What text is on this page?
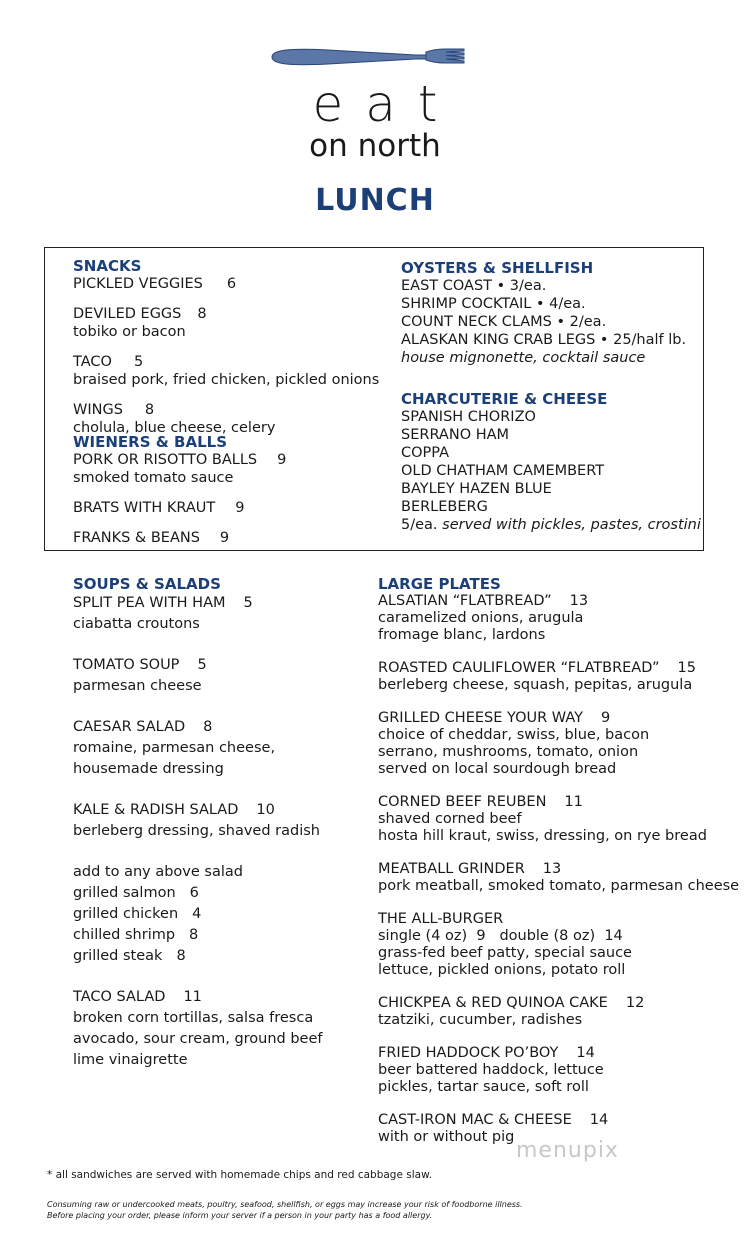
eat
on north
LUNCH
SNACKS
PICKLED VEGGIES 6
DEVILED EGGS 8
tobiko or bacon
TACO 5
braised pork, fried chicken, pickled onions
WINGS 8
cholula, blue cheese, celery
WIENERS & BALLS
PORK OR RISOTTO BALLS 9
smoked tomato sauce
BRATS WITH KRAUT 9
FRANKS & BEANS 9
OYSTERS & SHELLFISH
EAST COAST • 3/ea.
SHRIMP COCKTAIL • 4/ea.
COUNT NECK CLAMS • 2/ea.
ALASKAN KING CRAB LEGS • 25/half lb.
house mignonette, cocktail sauce
CHARCUTERIE & CHEESE
SPANISH CHORIZO
SERRANO HAM
COPPA
OLD CHATHAM CAMEMBERT
BAYLEY HAZEN BLUE
BERLEBERG
5/ea. served with pickles, pastes, crostini
SOUPS & SALADS
SPLIT PEA WITH HAM 5
ciabatta croutons
TOMATO SOUP 5
parmesan cheese
CAESAR SALAD 8
romaine, parmesan cheese,
housemade dressing
KALE & RADISH SALAD 10
berleberg dressing, shaved radish
add to any above salad
grilled salmon 6
grilled chicken 4
chilled shrimp 8
grilled steak 8
TACO SALAD 11
broken corn tortillas, salsa fresca
avocado, sour cream, ground beef
lime vinaigrette
LARGE PLATES
ALSATIAN “FLATBREAD” 13
caramelized onions, arugula
fromage blanc, lardons
ROASTED CAULIFLOWER “FLATBREAD” 15
berleberg cheese, squash, pepitas, arugula
GRILLED CHEESE YOUR WAY 9
choice of cheddar, swiss, blue, bacon
serrano, mushrooms, tomato, onion
served on local sourdough bread
CORNED BEEF REUBEN 11
shaved corned beef
hosta hill kraut, swiss, dressing, on rye bread
MEATBALL GRINDER 13
pork meatball, smoked tomato, parmesan cheese
THE ALL-BURGER
single (4 oz)  9   double (8 oz)  14
grass-fed beef patty, special sauce
lettuce, pickled onions, potato roll
CHICKPEA & RED QUINOA CAKE 12
tzatziki, cucumber, radishes
FRIED HADDOCK PO’BOY 14
beer battered haddock, lettuce
pickles, tartar sauce, soft roll
CAST-IRON MAC & CHEESE 14
with or without pig
menupix
* all sandwiches are served with homemade chips and red cabbage slaw.
Consuming raw or undercooked meats, poultry, seafood, shellfish, or eggs may increase your risk of foodborne illness.
Before placing your order, please inform your server if a person in your party has a food allergy.
